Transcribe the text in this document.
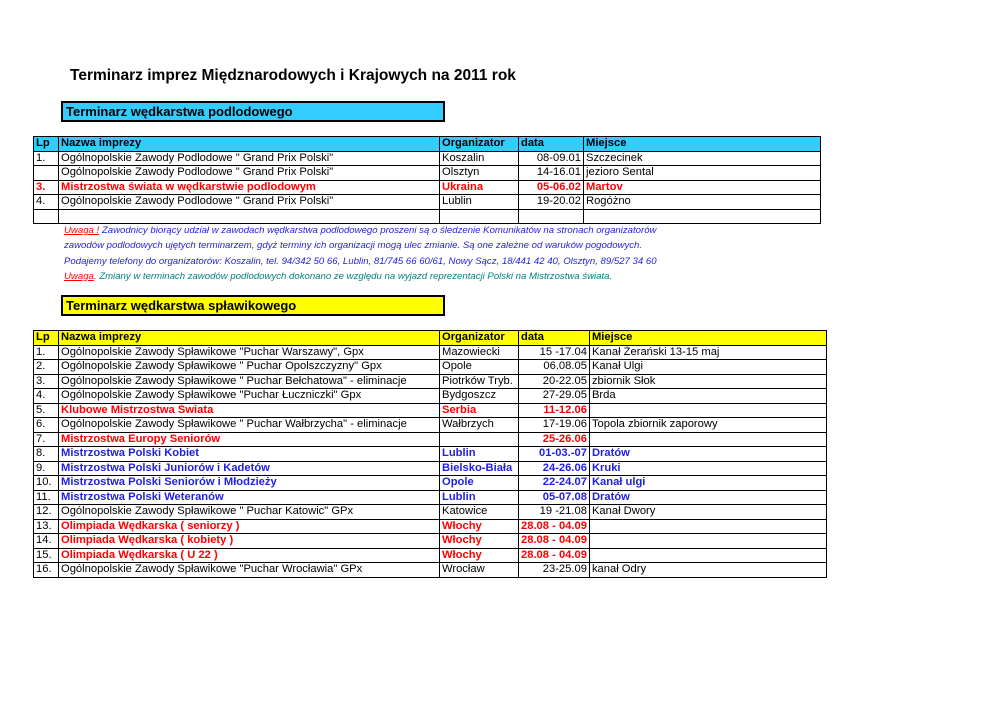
Terminarz imprez Międznarodowych i Krajowych na 2011 rok
Terminarz wędkarstwa podlodowego
Lp	Nazwa imprezy	Organizator	data	Miejsce
1.	Ogólnopolskie Zawody Podlodowe " Grand Prix Polski"	Koszalin	08-09.01	Szczecinek
	Ogólnopolskie Zawody Podlodowe " Grand Prix Polski"	Olsztyn	14-16.01	jezioro Sental
3.	Mistrzostwa świata w wędkarstwie podlodowym	Ukraina	05-06.02	Martov
4.	Ogólnopolskie Zawody Podlodowe " Grand Prix Polski"	Lublin	19-20.02	Rogóżno

Uwaga ! Zawodnicy biorący udział w zawodach wędkarstwa podlodowego proszeni są o śledzenie Komunikatów na stronach organizatorów
zawodów podlodowych ujętych terminarzem, gdyż terminy ich organizacji mogą ulec zmianie. Są one zależne od waruków pogodowych.
Podajemy telefony do organizatorów: Koszalin, tel. 94/342 50 66, Lublin, 81/745 66 60/61, Nowy Sącz, 18/441 42 40, Olsztyn, 89/527 34 60
Uwaga. Zmiany w terminach zawodów podlodowych dokonano ze względu na wyjazd reprezentacji Polski na Mistrzostwa świata.
Terminarz wędkarstwa spławikowego
Lp	Nazwa imprezy	Organizator	data	Miejsce
1.	Ogólnopolskie Zawody Spławikowe "Puchar Warszawy", Gpx	Mazowiecki	15 -17.04	Kanał Żerański 13-15 maj
2.	Ogólnopolskie Zawody Spławikowe " Puchar Opolszczyzny" Gpx	Opole	06.08.05	Kanał Ulgi
3.	Ogólnopolskie Zawody Spławikowe " Puchar Bełchatowa" - eliminacje	Piotrków Tryb.	20-22.05	zbiornik Słok
4.	Ogólnopolskie Zawody Spławikowe "Puchar Łuczniczki" Gpx	Bydgoszcz	27-29.05	Brda
5.	Klubowe Mistrzostwa Świata	Serbia	11-12.06	
6.	Ogólnopolskie Zawody Spławikowe " Puchar Wałbrzycha" - eliminacje	Wałbrzych	17-19.06	Topola zbiornik zaporowy
7.	Mistrzostwa Europy Seniorów		25-26.06	
8.	Mistrzostwa Polski Kobiet	Lublin	01-03.-07	Dratów
9.	Mistrzostwa Polski Juniorów i Kadetów	Bielsko-Biała	24-26.06	Kruki
10.	Mistrzostwa Polski Seniorów i Młodzieży	Opole	22-24.07	Kanał ulgi
11.	Mistrzostwa Polski Weteranów	Lublin	05-07.08	Dratów
12.	Ogólnopolskie Zawody Spławikowe " Puchar Katowic" GPx	Katowice	19 -21.08	Kanał Dwory
13.	Olimpiada Wędkarska ( seniorzy )	Włochy	28.08 - 04.09	
14.	Olimpiada Wędkarska ( kobiety )	Włochy	28.08 - 04.09	
15.	Olimpiada Wędkarska ( U 22 )	Włochy	28.08 - 04.09	
16.	Ogólnopolskie Zawody Spławikowe "Puchar Wrocławia" GPx	Wrocław	23-25.09	kanał Odry
